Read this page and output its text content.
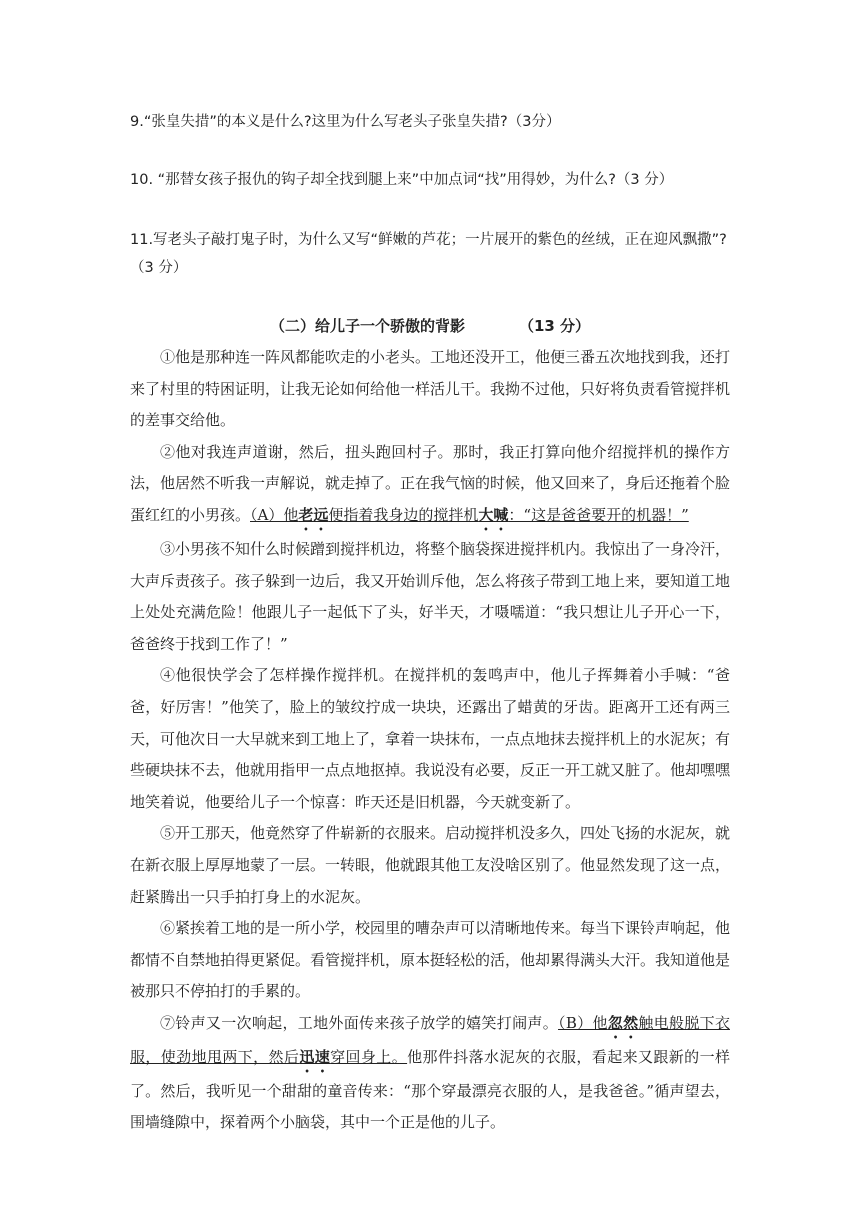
9.“张皇失措”的本义是什么?这里为什么写老头子张皇失措?（3分）

10. “那替女孩子报仇的钩子却全找到腿上来”中加点词“找”用得妙，为什么?（3 分）

11.写老头子敲打鬼子时，为什么又写“鲜嫩的芦花；一片展开的紫色的丝绒，正在迎风飘撒”?（3 分）

（二）给儿子一个骄傲的背影	（13 分）

①他是那种连一阵风都能吹走的小老头。工地还没开工，他便三番五次地找到我，还打来了村里的特困证明，让我无论如何给他一样活儿干。我拗不过他，只好将负责看管搅拌机的差事交给他。

②他对我连声道谢，然后，扭头跑回村子。那时，我正打算向他介绍搅拌机的操作方法，他居然不听我一声解说，就走掉了。正在我气恼的时候，他又回来了，身后还拖着个脸蛋红红的小男孩。（A）他老远便指着我身边的搅拌机大喊：“这是爸爸要开的机器！”

③小男孩不知什么时候蹭到搅拌机边，将整个脑袋探进搅拌机内。我惊出了一身冷汗，大声斥责孩子。孩子躲到一边后，我又开始训斥他，怎么将孩子带到工地上来，要知道工地上处处充满危险！他跟儿子一起低下了头，好半天，才嗫嚅道：“我只想让儿子开心一下，爸爸终于找到工作了！”

④他很快学会了怎样操作搅拌机。在搅拌机的轰鸣声中，他儿子挥舞着小手喊：“爸爸，好厉害！”他笑了，脸上的皱纹拧成一块块，还露出了蜡黄的牙齿。距离开工还有两三天，可他次日一大早就来到工地上了，拿着一块抹布，一点点地抹去搅拌机上的水泥灰；有些硬块抹不去，他就用指甲一点点地抠掉。我说没有必要，反正一开工就又脏了。他却嘿嘿地笑着说，他要给儿子一个惊喜：昨天还是旧机器，今天就变新了。

⑤开工那天，他竟然穿了件崭新的衣服来。启动搅拌机没多久，四处飞扬的水泥灰，就在新衣服上厚厚地蒙了一层。一转眼，他就跟其他工友没啥区别了。他显然发现了这一点，赶紧腾出一只手拍打身上的水泥灰。

⑥紧挨着工地的是一所小学，校园里的嘈杂声可以清晰地传来。每当下课铃声响起，他都情不自禁地拍得更紧促。看管搅拌机，原本挺轻松的活，他却累得满头大汗。我知道他是被那只不停拍打的手累的。

⑦铃声又一次响起，工地外面传来孩子放学的嬉笑打闹声。（B）他忽然触电般脱下衣服，使劲地甩两下，然后迅速穿回身上。他那件抖落水泥灰的衣服，看起来又跟新的一样了。然后，我听见一个甜甜的童音传来：“那个穿最漂亮衣服的人，是我爸爸。”循声望去，围墙缝隙中，探着两个小脑袋，其中一个正是他的儿子。
